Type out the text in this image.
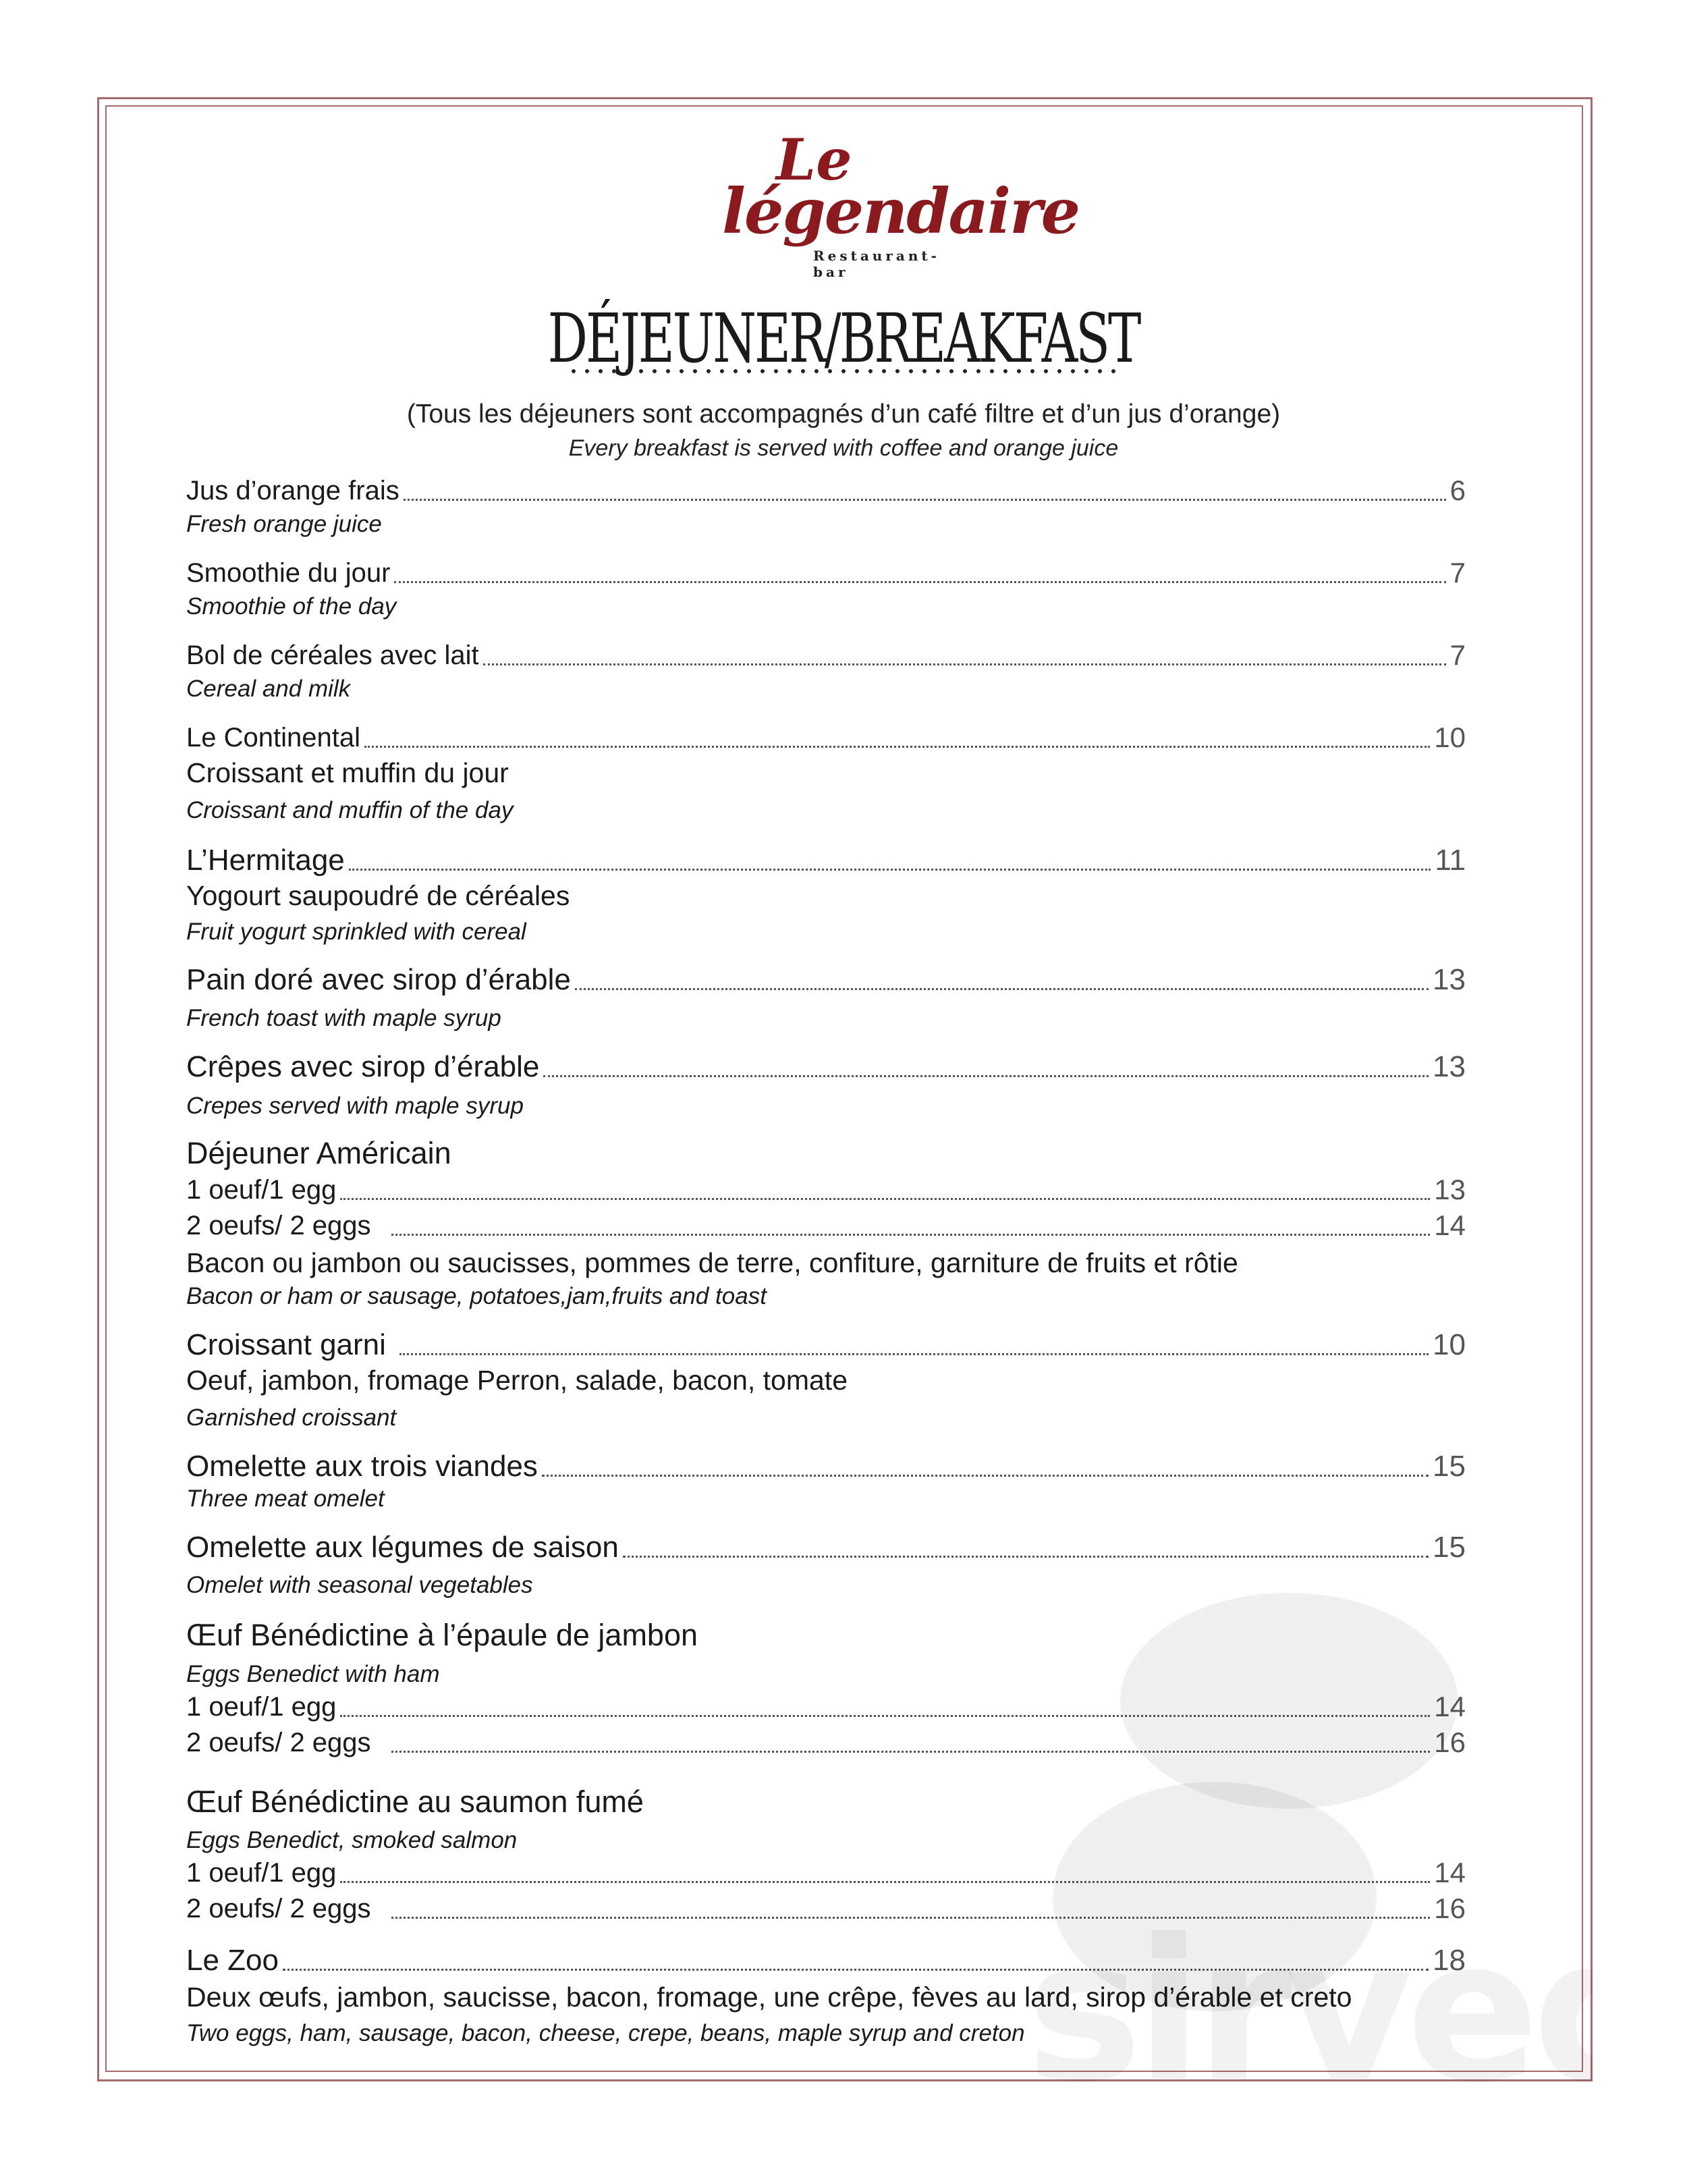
Le
légendaire
Restaurant-bar
DÉJEUNER/BREAKFAST
(Tous les déjeuners sont accompagnés d’un café filtre et d’un jus d’orange)
Every breakfast is served with coffee and orange juice
Jus d’orange frais	6
Fresh orange juice
Smoothie du jour	7
Smoothie of the day
Bol de céréales avec lait	7
Cereal and milk
Le Continental	10
Croissant et muffin du jour
Croissant and muffin of the day
L’Hermitage	11
Yogourt saupoudré de céréales
Fruit yogurt sprinkled with cereal
Pain doré avec sirop d’érable	13
French toast with maple syrup
Crêpes avec sirop d’érable	13
Crepes served with maple syrup
Déjeuner Américain
1 oeuf/1 egg	13
2 oeufs/ 2 eggs	14
Bacon ou jambon ou saucisses, pommes de terre, confiture, garniture de fruits et rôtie
Bacon or ham or sausage, potatoes,jam,fruits and toast
Croissant garni	10
Oeuf, jambon, fromage Perron, salade, bacon, tomate
Garnished croissant
Omelette aux trois viandes	15
Three meat omelet
Omelette aux légumes de saison	15
Omelet with seasonal vegetables
Œuf Bénédictine à l’épaule de jambon
Eggs Benedict with ham
1 oeuf/1 egg	14
2 oeufs/ 2 eggs	16
Œuf Bénédictine au saumon fumé
Eggs Benedict, smoked salmon
1 oeuf/1 egg	14
2 oeufs/ 2 eggs	16
Le Zoo	18
Deux œufs, jambon, saucisse, bacon, fromage, une crêpe, fèves au lard, sirop d’érable et creto
Two eggs, ham, sausage, bacon, cheese, crepe, beans, maple syrup and creton sirve
